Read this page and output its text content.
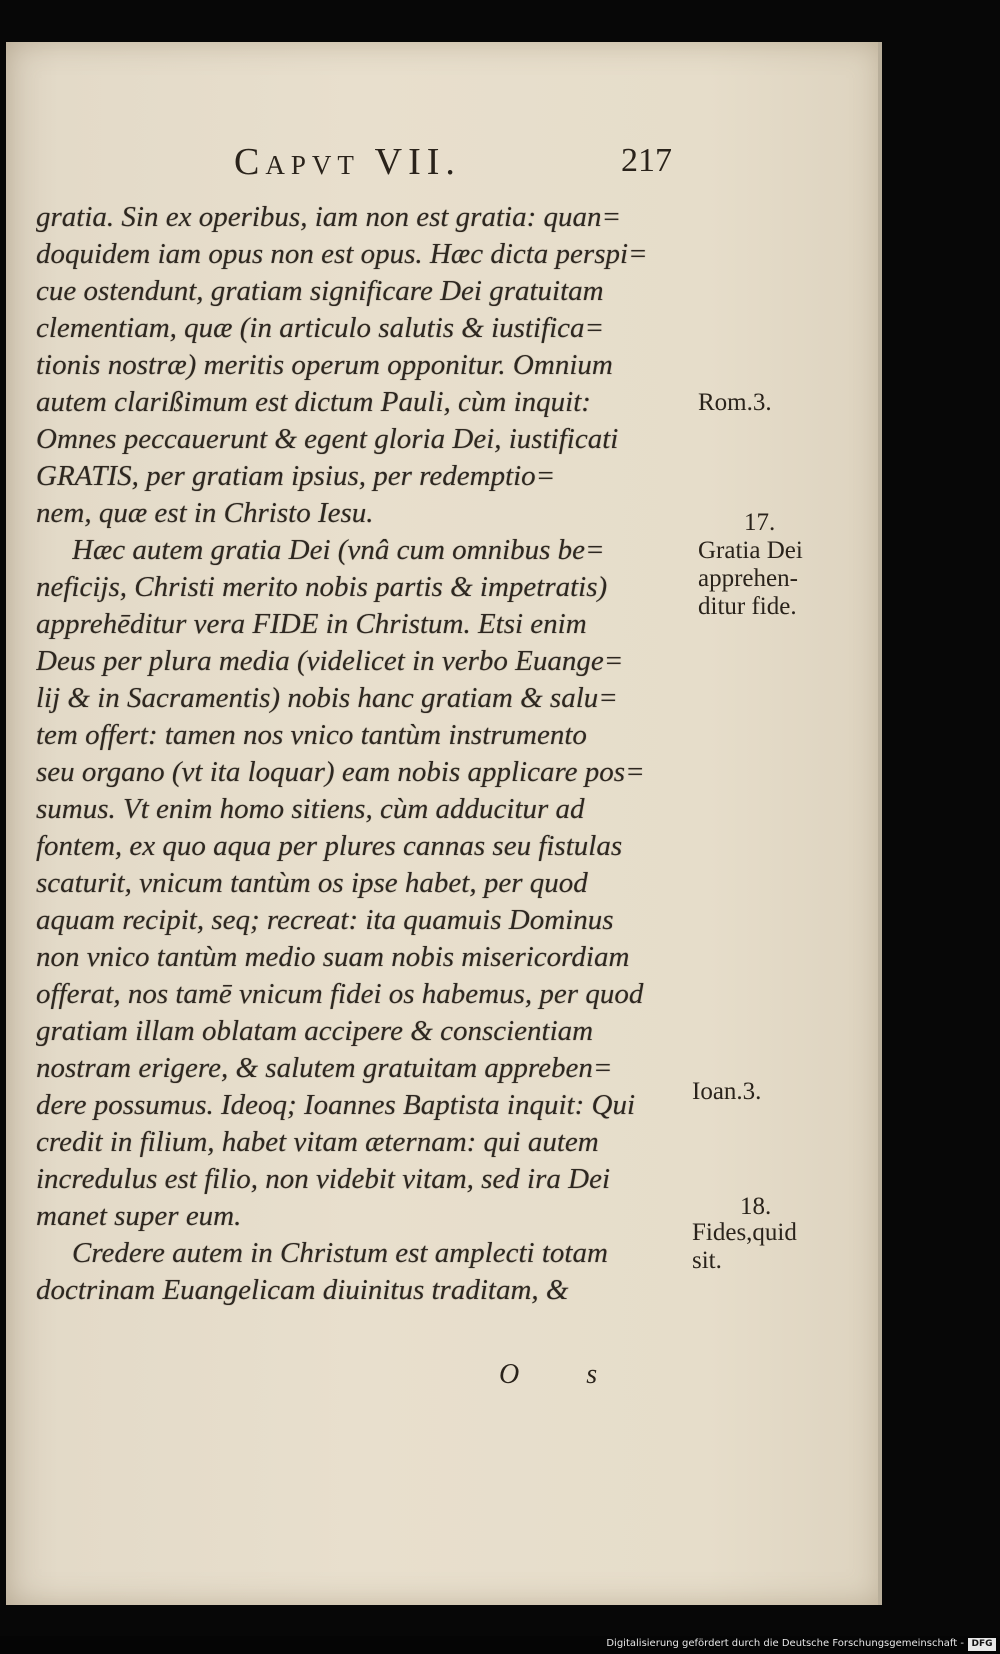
Capvt VII.	217
gratia. Sin ex operibus, iam non est gratia: quan=
doquidem iam opus non est opus. Hæc dicta perspi=
cue ostendunt, gratiam significare Dei gratuitam
clementiam, quæ (in articulo salutis & iustifica=
tionis nostræ) meritis operum opponitur. Omnium
autem clarißimum est dictum Pauli, cùm inquit:
Omnes peccauerunt & egent gloria Dei, iustificati
GRATIS, per gratiam ipsius, per redemptio=
nem, quæ est in Christo Iesu.
Hæc autem gratia Dei (vnâ cum omnibus be=
neficijs, Christi merito nobis partis & impetratis)
apprehēditur vera FIDE in Christum. Etsi enim
Deus per plura media (videlicet in verbo Euange=
lij & in Sacramentis) nobis hanc gratiam & salu=
tem offert: tamen nos vnico tantùm instrumento
seu organo (vt ita loquar) eam nobis applicare pos=
sumus. Vt enim homo sitiens, cùm adducitur ad
fontem, ex quo aqua per plures cannas seu fistulas
scaturit, vnicum tantùm os ipse habet, per quod
aquam recipit, seq; recreat: ita quamuis Dominus
non vnico tantùm medio suam nobis misericordiam
offerat, nos tamē vnicum fidei os habemus, per quod
gratiam illam oblatam accipere & conscientiam
nostram erigere, & salutem gratuitam appreben=
dere possumus. Ideoq; Ioannes Baptista inquit: Qui
credit in filium, habet vitam æternam: qui autem
incredulus est filio, non videbit vitam, sed ira Dei
manet super eum.
Credere autem in Christum est amplecti totam
doctrinam Euangelicam diuinitus traditam, &
Rom.3.
17.
Gratia Dei
apprehen-
ditur fide.
Ioan.3.
18.
Fides,quid
sit.
O s
Digitalisierung gefördert durch die Deutsche Forschungsgemeinschaft - DFG
